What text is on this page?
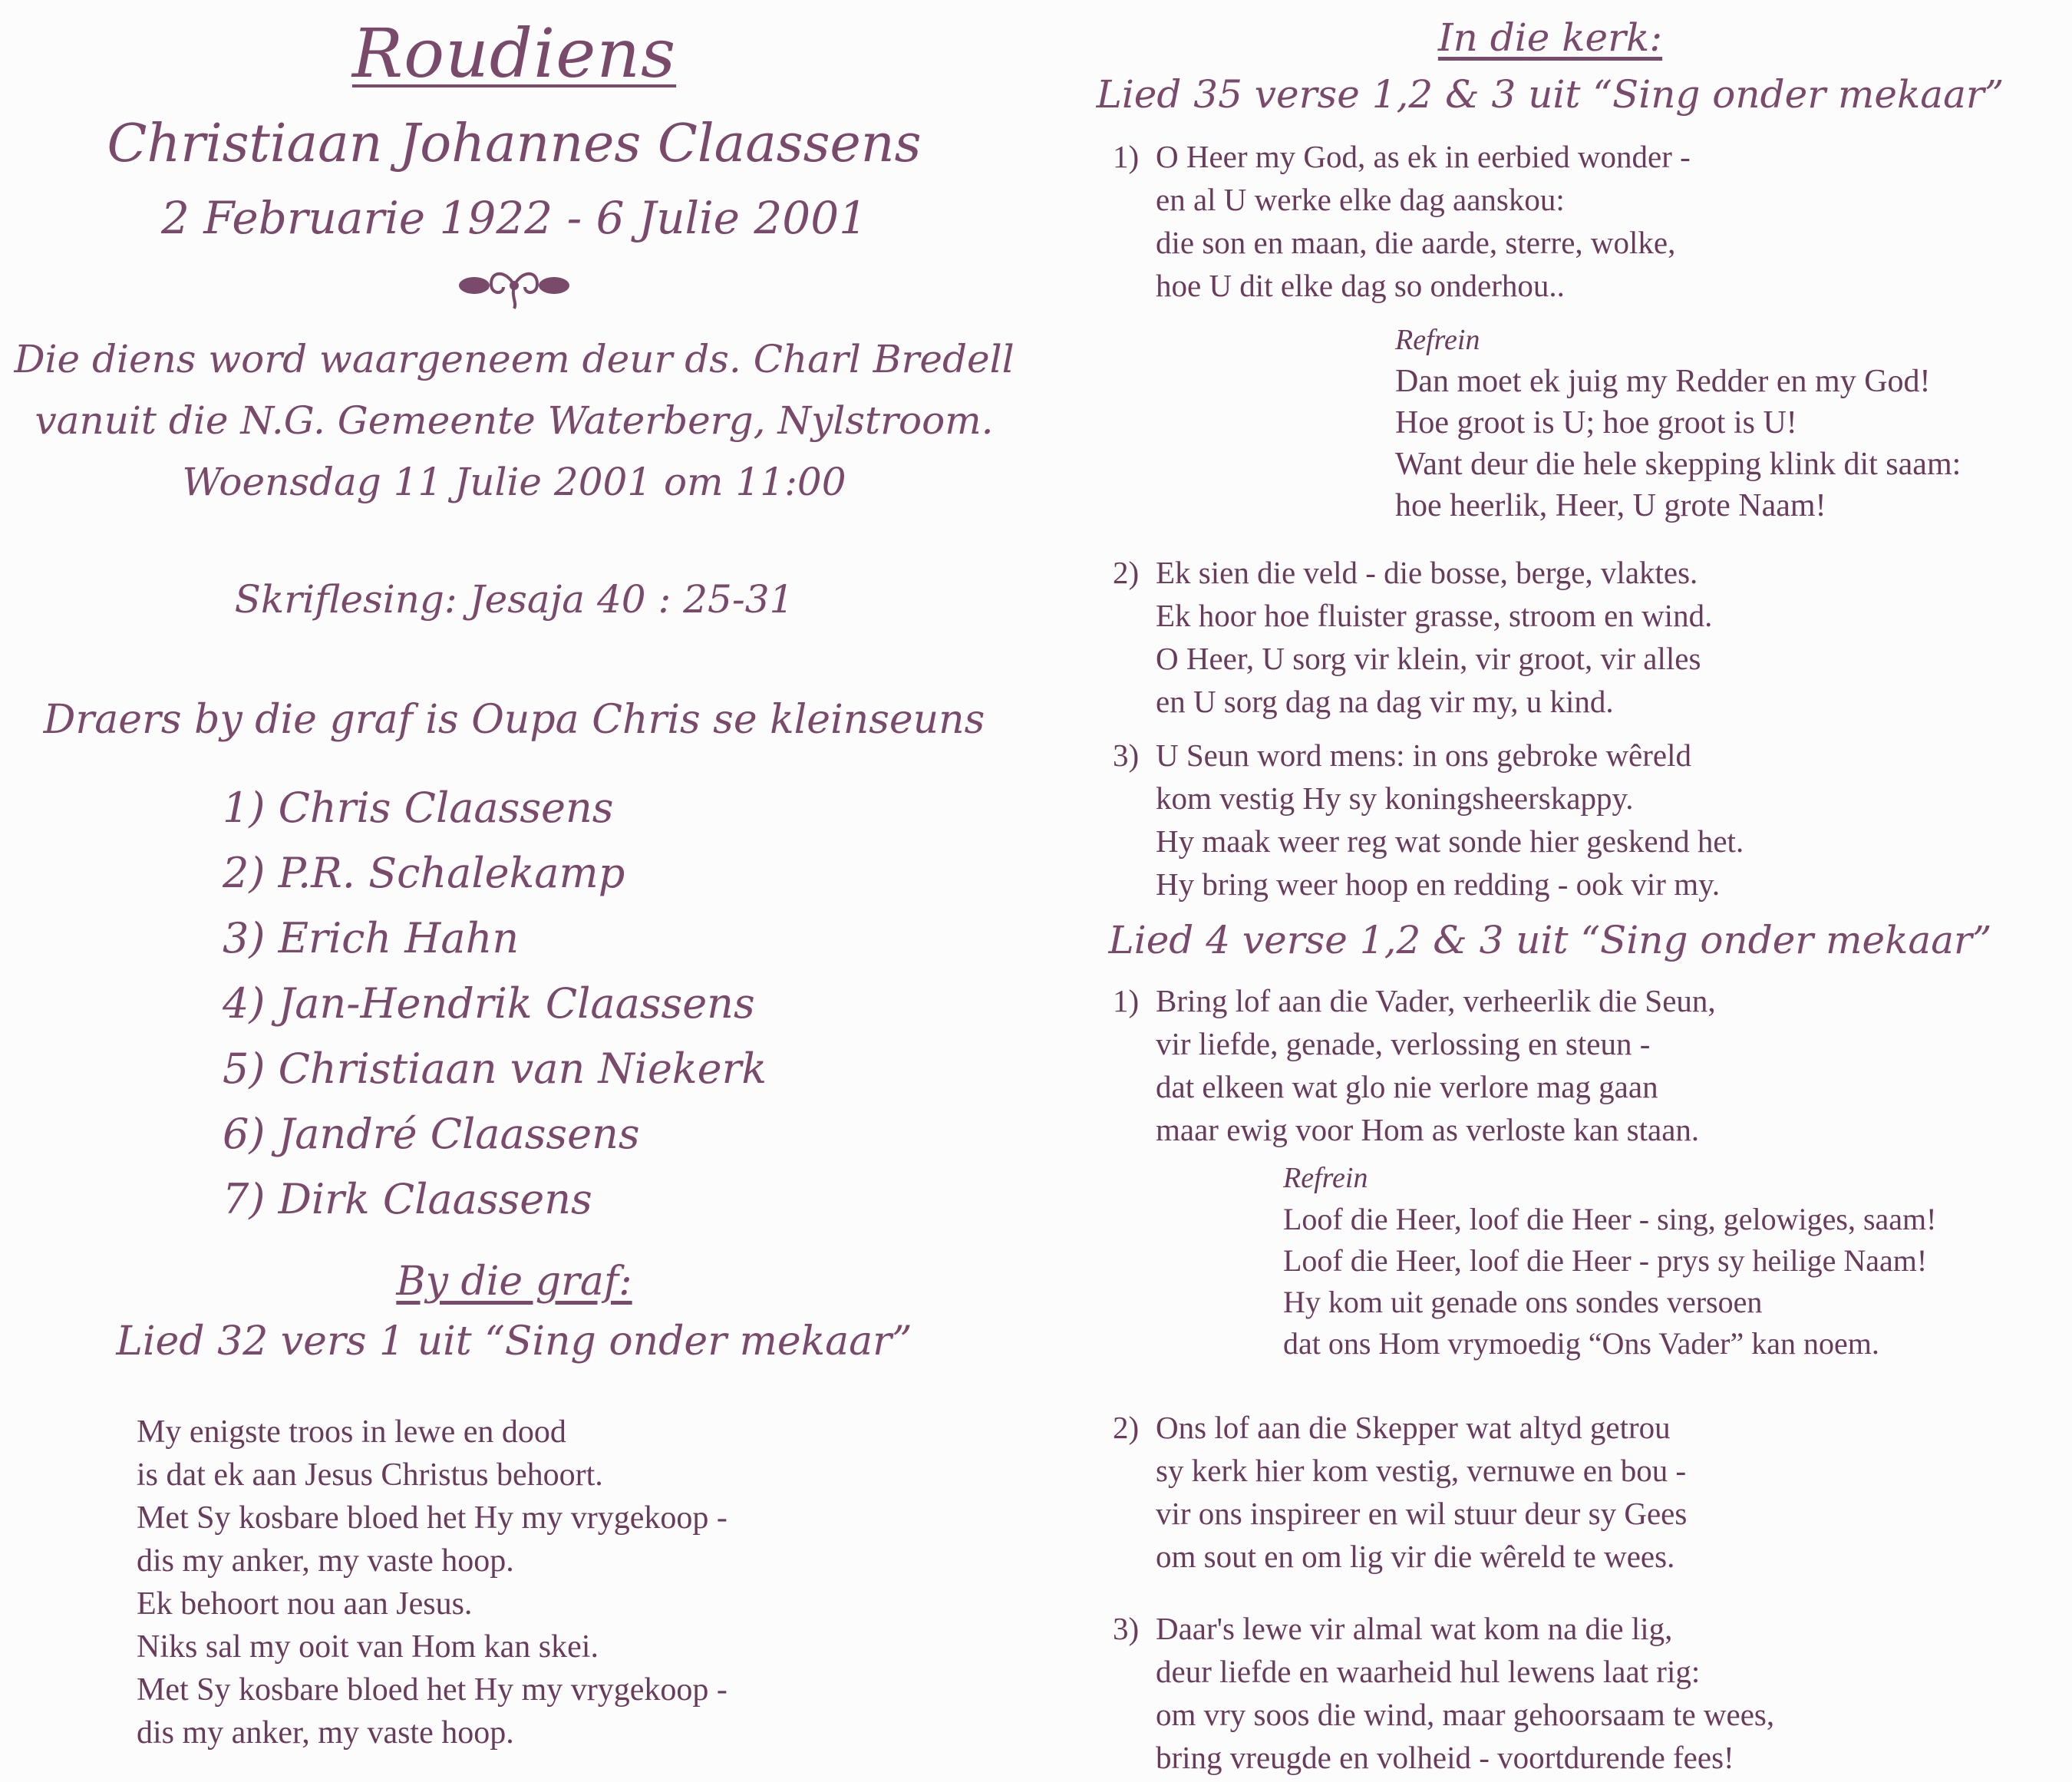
Roudiens
Christiaan Johannes Claassens
2 Februarie 1922 - 6 Julie 2001
Die diens word waargeneem deur ds. Charl Bredell
vanuit die N.G. Gemeente Waterberg, Nylstroom.
Woensdag 11 Julie 2001 om 11:00
Skriflesing: Jesaja 40 : 25-31
Draers by die graf is Oupa Chris se kleinseuns
1) Chris Claassens
2) P.R. Schalekamp
3) Erich Hahn
4) Jan-Hendrik Claassens
5) Christiaan van Niekerk
6) Jandré Claassens
7) Dirk Claassens
By die graf:
Lied 32 vers 1 uit “Sing onder mekaar”
My enigste troos in lewe en dood
is dat ek aan Jesus Christus behoort.
Met Sy kosbare bloed het Hy my vrygekoop -
dis my anker, my vaste hoop.
Ek behoort nou aan Jesus.
Niks sal my ooit van Hom kan skei.
Met Sy kosbare bloed het Hy my vrygekoop -
dis my anker, my vaste hoop.
In die kerk:
Lied 35 verse 1,2 & 3 uit “Sing onder mekaar”
1) O Heer my God, as ek in eerbied wonder -
en al U werke elke dag aanskou:
die son en maan, die aarde, sterre, wolke,
hoe U dit elke dag so onderhou..
Refrein
Dan moet ek juig my Redder en my God!
Hoe groot is U; hoe groot is U!
Want deur die hele skepping klink dit saam:
hoe heerlik, Heer, U grote Naam!
2) Ek sien die veld - die bosse, berge, vlaktes.
Ek hoor hoe fluister grasse, stroom en wind.
O Heer, U sorg vir klein, vir groot, vir alles
en U sorg dag na dag vir my, u kind.
3) U Seun word mens: in ons gebroke wêreld
kom vestig Hy sy koningsheerskappy.
Hy maak weer reg wat sonde hier geskend het.
Hy bring weer hoop en redding - ook vir my.
Lied 4 verse 1,2 & 3 uit “Sing onder mekaar”
1) Bring lof aan die Vader, verheerlik die Seun,
vir liefde, genade, verlossing en steun -
dat elkeen wat glo nie verlore mag gaan
maar ewig voor Hom as verloste kan staan.
Refrein
Loof die Heer, loof die Heer - sing, gelowiges, saam!
Loof die Heer, loof die Heer - prys sy heilige Naam!
Hy kom uit genade ons sondes versoen
dat ons Hom vrymoedig “Ons Vader” kan noem.
2) Ons lof aan die Skepper wat altyd getrou
sy kerk hier kom vestig, vernuwe en bou -
vir ons inspireer en wil stuur deur sy Gees
om sout en om lig vir die wêreld te wees.
3) Daar's lewe vir almal wat kom na die lig,
deur liefde en waarheid hul lewens laat rig:
om vry soos die wind, maar gehoorsaam te wees,
bring vreugde en volheid - voortdurende fees!
